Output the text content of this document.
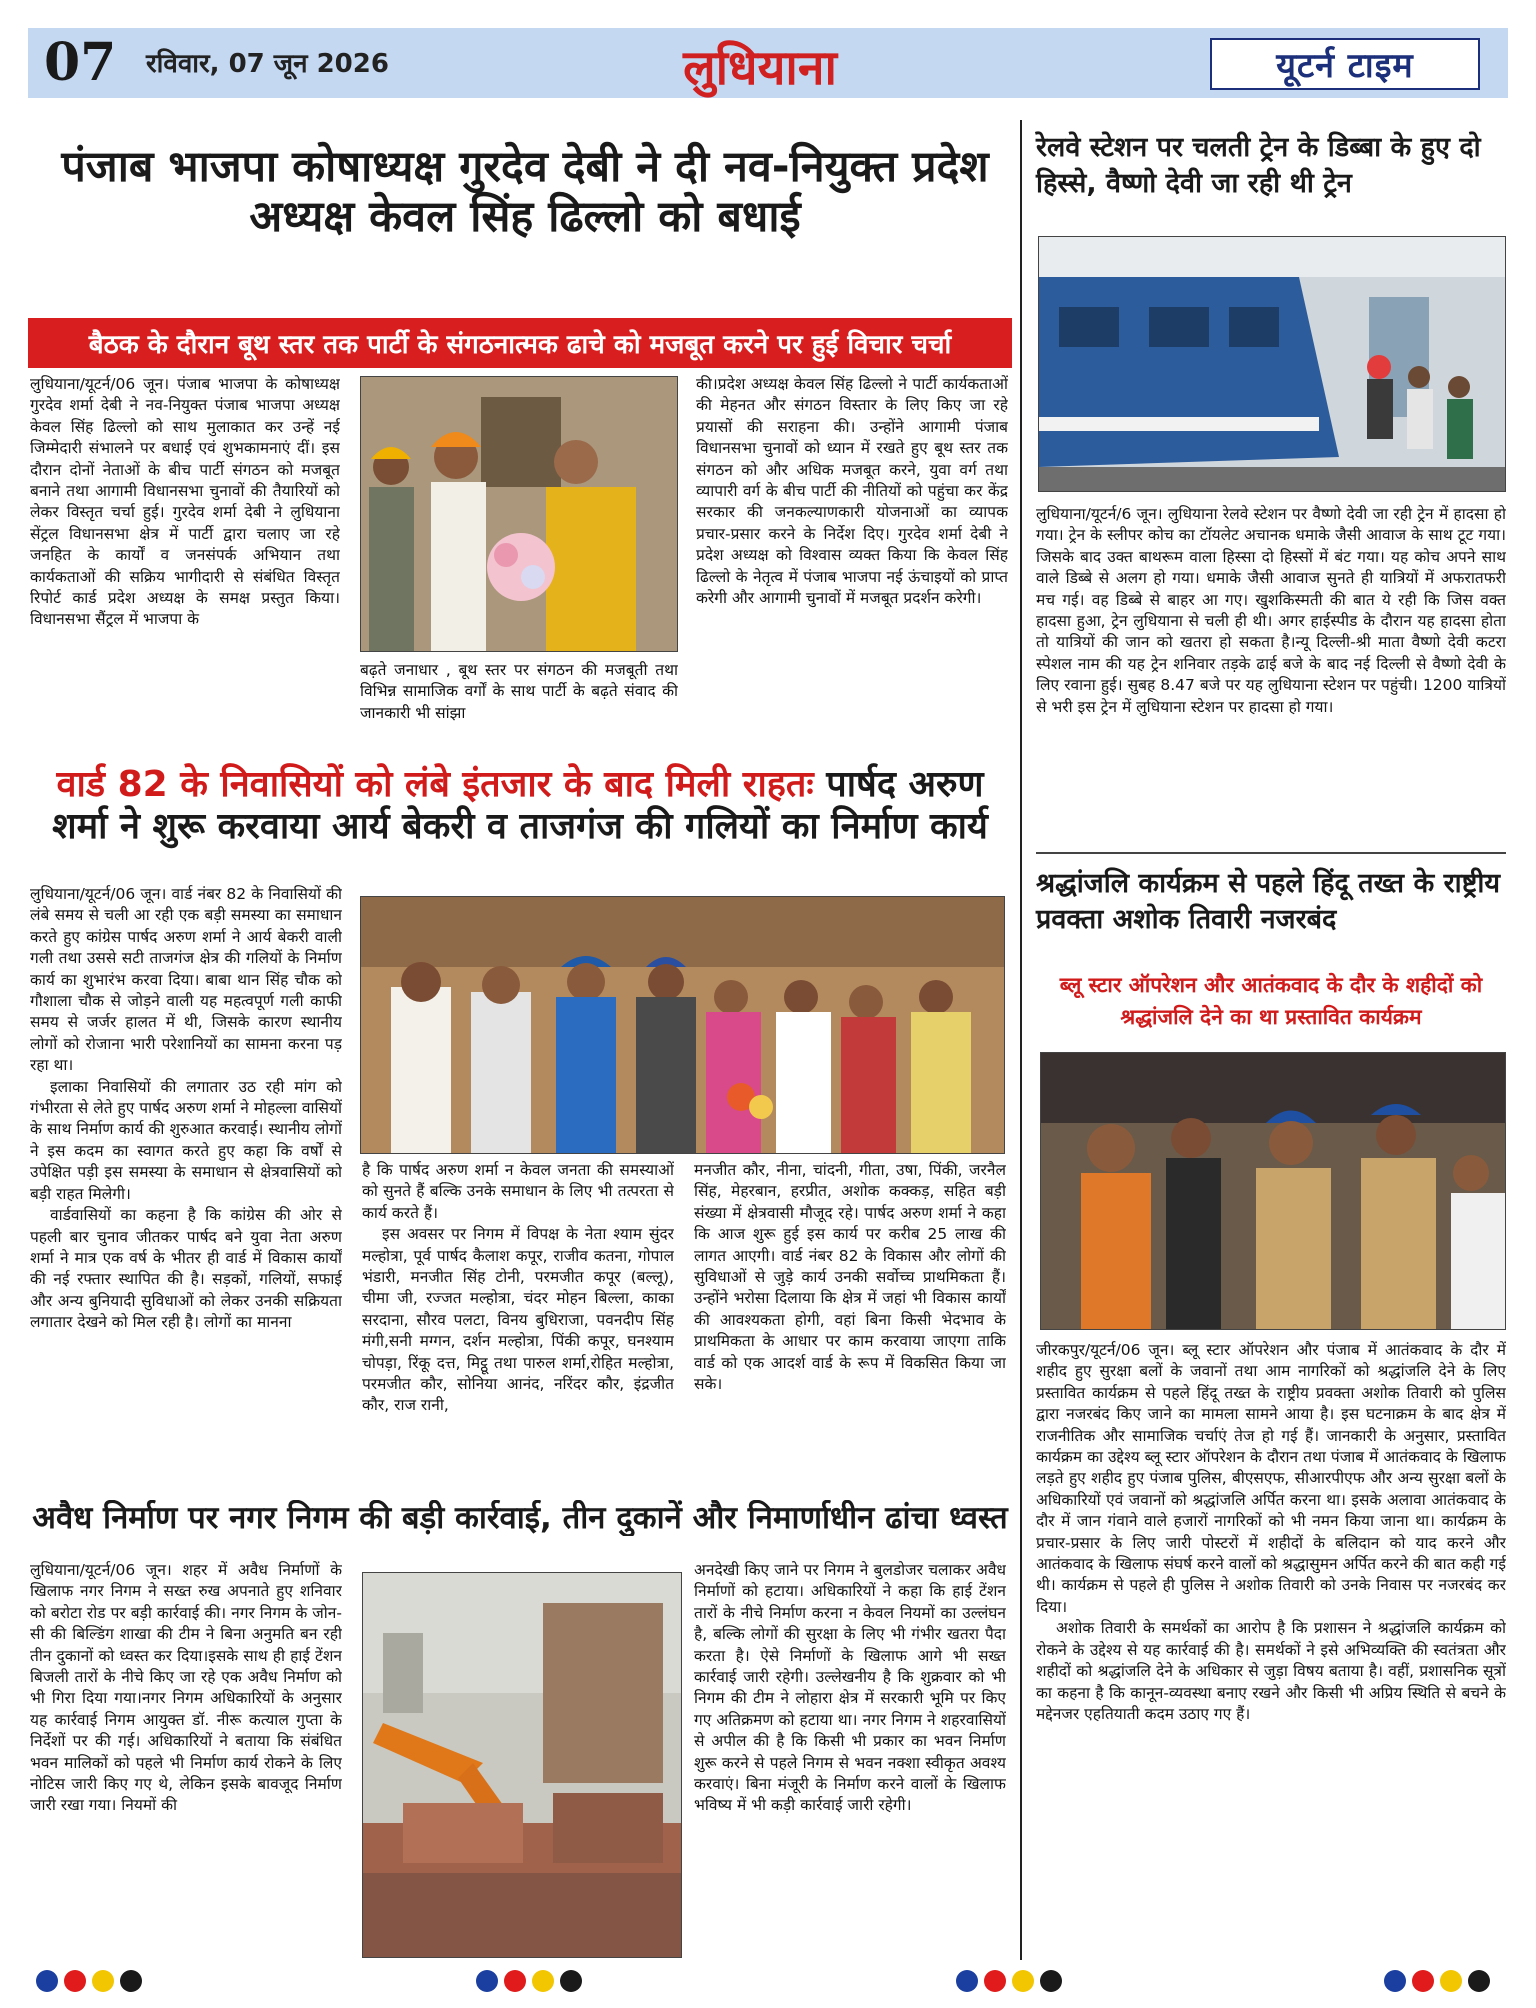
07 रविवार, 07 जून 2026	लुधियाना	यूटर्न टाइम
पंजाब भाजपा कोषाध्यक्ष गुरदेव देबी ने दी नव-नियुक्त प्रदेश अध्यक्ष केवल सिंह ढिल्लो को बधाई
बैठक के दौरान बूथ स्तर तक पार्टी के संगठनात्मक ढाचे को मजबूत करने पर हुई विचार चर्चा

लुधियाना/यूटर्न/06 जून। पंजाब भाजपा के कोषाध्यक्ष गुरदेव शर्मा देबी ने नव-नियुक्त पंजाब भाजपा अध्यक्ष केवल सिंह ढिल्लो को साथ मुलाकात कर उन्हें नई जिम्मेदारी संभालने पर बधाई एवं शुभकामनाएं दीं। इस दौरान दोनों नेताओं के बीच पार्टी संगठन को मजबूत बनाने तथा आगामी विधानसभा चुनावों की तैयारियों को लेकर विस्तृत चर्चा हुई। गुरदेव शर्मा देबी ने लुधियाना सेंट्रल विधानसभा क्षेत्र में पार्टी द्वारा चलाए जा रहे जनहित के कार्यों व जनसंपर्क अभियान तथा कार्यकताओं की सक्रिय भागीदारी से संबंधित विस्तृत रिपोर्ट कार्ड प्रदेश अध्यक्ष के समक्ष प्रस्तुत किया। विधानसभा सैंट्रल में भाजपा के

बढ़ते जनाधार , बूथ स्तर पर संगठन की मजबूती तथा विभिन्न सामाजिक वर्गों के साथ पार्टी के बढ़ते संवाद की जानकारी भी सांझा

की।प्रदेश अध्यक्ष केवल सिंह ढिल्लो ने पार्टी कार्यकताओं की मेहनत और संगठन विस्तार के लिए किए जा रहे प्रयासों की सराहना की। उन्होंने आगामी पंजाब विधानसभा चुनावों को ध्यान में रखते हुए बूथ स्तर तक संगठन को और अधिक मजबूत करने, युवा वर्ग तथा व्यापारी वर्ग के बीच पार्टी की नीतियों को पहुंचा कर केंद्र सरकार की जनकल्याणकारी योजनाओं का व्यापक प्रचार-प्रसार करने के निर्देश दिए। गुरदेव शर्मा देबी ने प्रदेश अध्यक्ष को विश्वास व्यक्त किया कि केवल सिंह ढिल्लो के नेतृत्व में पंजाब भाजपा नई ऊंचाइयों को प्राप्त करेगी और आगामी चुनावों में मजबूत प्रदर्शन करेगी।

वार्ड 82 के निवासियों को लंबे इंतजार के बाद मिली राहतः पार्षद अरुण शर्मा ने शुरू करवाया आर्य बेकरी व ताजगंज की गलियों का निर्माण कार्य

लुधियाना/यूटर्न/06 जून। वार्ड नंबर 82 के निवासियों की लंबे समय से चली आ रही एक बड़ी समस्या का समाधान करते हुए कांग्रेस पार्षद अरुण शर्मा ने आर्य बेकरी वाली गली तथा उससे सटी ताजगंज क्षेत्र की गलियों के निर्माण कार्य का शुभारंभ करवा दिया। बाबा थान सिंह चौक को गौशाला चौक से जोड़ने वाली यह महत्वपूर्ण गली काफी समय से जर्जर हालत में थी, जिसके कारण स्थानीय लोगों को रोजाना भारी परेशानियों का सामना करना पड़ रहा था।

इलाका निवासियों की लगातार उठ रही मांग को गंभीरता से लेते हुए पार्षद अरुण शर्मा ने मोहल्ला वासियों के साथ निर्माण कार्य की शुरुआत करवाई। स्थानीय लोगों ने इस कदम का स्वागत करते हुए कहा कि वर्षों से उपेक्षित पड़ी इस समस्या के समाधान से क्षेत्रवासियों को बड़ी राहत मिलेगी।

वार्डवासियों का कहना है कि कांग्रेस की ओर से पहली बार चुनाव जीतकर पार्षद बने युवा नेता अरुण शर्मा ने मात्र एक वर्ष के भीतर ही वार्ड में विकास कार्यों की नई रफ्तार स्थापित की है। सड़कों, गलियों, सफाई और अन्य बुनियादी सुविधाओं को लेकर उनकी सक्रियता लगातार देखने को मिल रही है। लोगों का मानना

है कि पार्षद अरुण शर्मा न केवल जनता की समस्याओं को सुनते हैं बल्कि उनके समाधान के लिए भी तत्परता से कार्य करते हैं।

इस अवसर पर निगम में विपक्ष के नेता श्याम सुंदर मल्होत्रा, पूर्व पार्षद कैलाश कपूर, राजीव कतना, गोपाल भंडारी, मनजीत सिंह टोनी, परमजीत कपूर (बल्लू), चीमा जी, रज्जत मल्होत्रा, चंदर मोहन बिल्ला, काका सरदाना, सौरव पलटा, विनय बुधिराजा, पवनदीप सिंह मंगी,सनी मग्गन, दर्शन मल्होत्रा, पिंकी कपूर, घनश्याम चोपड़ा, रिंकू दत्त, मिट्ठू तथा पारुल शर्मा,रोहित मल्होत्रा, परमजीत कौर, सोनिया आनंद, नरिंदर कौर, इंद्रजीत कौर, राज रानी,

मनजीत कौर, नीना, चांदनी, गीता, उषा, पिंकी, जरनैल सिंह, मेहरबान, हरप्रीत, अशोक कक्कड़, सहित बड़ी संख्या में क्षेत्रवासी मौजूद रहे। पार्षद अरुण शर्मा ने कहा कि आज शुरू हुई इस कार्य पर करीब 25 लाख की लागत आएगी। वार्ड नंबर 82 के विकास और लोगों की सुविधाओं से जुड़े कार्य उनकी सर्वोच्च प्राथमिकता हैं। उन्होंने भरोसा दिलाया कि क्षेत्र में जहां भी विकास कार्यों की आवश्यकता होगी, वहां बिना किसी भेदभाव के प्राथमिकता के आधार पर काम करवाया जाएगा ताकि वार्ड को एक आदर्श वार्ड के रूप में विकसित किया जा सके।

अवैध निर्माण पर नगर निगम की बड़ी कार्रवाई, तीन दुकानें और निमार्णाधीन ढांचा ध्वस्त

लुधियाना/यूटर्न/06 जून। शहर में अवैध निर्माणों के खिलाफ नगर निगम ने सख्त रुख अपनाते हुए शनिवार को बरोटा रोड पर बड़ी कार्रवाई की। नगर निगम के जोन-सी की बिल्डिंग शाखा की टीम ने बिना अनुमति बन रही तीन दुकानों को ध्वस्त कर दिया।इसके साथ ही हाई टेंशन बिजली तारों के नीचे किए जा रहे एक अवैध निर्माण को भी गिरा दिया गया।नगर निगम अधिकारियों के अनुसार यह कार्रवाई निगम आयुक्त डॉ. नीरू कत्याल गुप्ता के निर्देशों पर की गई। अधिकारियों ने बताया कि संबंधित भवन मालिकों को पहले भी निर्माण कार्य रोकने के लिए नोटिस जारी किए गए थे, लेकिन इसके बावजूद निर्माण जारी रखा गया। नियमों की

अनदेखी किए जाने पर निगम ने बुलडोजर चलाकर अवैध निर्माणों को हटाया। अधिकारियों ने कहा कि हाई टेंशन तारों के नीचे निर्माण करना न केवल नियमों का उल्लंघन है, बल्कि लोगों की सुरक्षा के लिए भी गंभीर खतरा पैदा करता है। ऐसे निर्माणों के खिलाफ आगे भी सख्त कार्रवाई जारी रहेगी। उल्लेखनीय है कि शुक्रवार को भी निगम की टीम ने लोहारा क्षेत्र में सरकारी भूमि पर किए गए अतिक्रमण को हटाया था। नगर निगम ने शहरवासियों से अपील की है कि किसी भी प्रकार का भवन निर्माण शुरू करने से पहले निगम से भवन नक्शा स्वीकृत अवश्य करवाएं। बिना मंजूरी के निर्माण करने वालों के खिलाफ भविष्य में भी कड़ी कार्रवाई जारी रहेगी।

रेलवे स्टेशन पर चलती ट्रेन के डिब्बा के हुए दो हिस्से, वैष्णो देवी जा रही थी ट्रेन

लुधियाना/यूटर्न/6 जून। लुधियाना रेलवे स्टेशन पर वैष्णो देवी जा रही ट्रेन में हादसा हो गया। ट्रेन के स्लीपर कोच का टॉयलेट अचानक धमाके जैसी आवाज के साथ टूट गया। जिसके बाद उक्त बाथरूम वाला हिस्सा दो हिस्सों में बंट गया। यह कोच अपने साथ वाले डिब्बे से अलग हो गया। धमाके जैसी आवाज सुनते ही यात्रियों में अफरातफरी मच गई। वह डिब्बे से बाहर आ गए। खुशकिस्मती की बात ये रही कि जिस वक्त हादसा हुआ, ट्रेन लुधियाना से चली ही थी। अगर हाईस्पीड के दौरान यह हादसा होता तो यात्रियों की जान को खतरा हो सकता है।न्यू दिल्ली-श्री माता वैष्णो देवी कटरा स्पेशल नाम की यह ट्रेन शनिवार तड़के ढाई बजे के बाद नई दिल्ली से वैष्णो देवी के लिए रवाना हुई। सुबह 8.47 बजे पर यह लुधियाना स्टेशन पर पहुंची। 1200 यात्रियों से भरी इस ट्रेन में लुधियाना स्टेशन पर हादसा हो गया।

श्रद्धांजलि कार्यक्रम से पहले हिंदू तख्त के राष्ट्रीय प्रवक्ता अशोक तिवारी नजरबंद
ब्लू स्टार ऑपरेशन और आतंकवाद के दौर के शहीदों को श्रद्धांजलि देने का था प्रस्तावित कार्यक्रम

जीरकपुर/यूटर्न/06 जून। ब्लू स्टार ऑपरेशन और पंजाब में आतंकवाद के दौर में शहीद हुए सुरक्षा बलों के जवानों तथा आम नागरिकों को श्रद्धांजलि देने के लिए प्रस्तावित कार्यक्रम से पहले हिंदू तख्त के राष्ट्रीय प्रवक्ता अशोक तिवारी को पुलिस द्वारा नजरबंद किए जाने का मामला सामने आया है। इस घटनाक्रम के बाद क्षेत्र में राजनीतिक और सामाजिक चर्चाएं तेज हो गई हैं। जानकारी के अनुसार, प्रस्तावित कार्यक्रम का उद्देश्य ब्लू स्टार ऑपरेशन के दौरान तथा पंजाब में आतंकवाद के खिलाफ लड़ते हुए शहीद हुए पंजाब पुलिस, बीएसएफ, सीआरपीएफ और अन्य सुरक्षा बलों के अधिकारियों एवं जवानों को श्रद्धांजलि अर्पित करना था। इसके अलावा आतंकवाद के दौर में जान गंवाने वाले हजारों नागरिकों को भी नमन किया जाना था। कार्यक्रम के प्रचार-प्रसार के लिए जारी पोस्टरों में शहीदों के बलिदान को याद करने और आतंकवाद के खिलाफ संघर्ष करने वालों को श्रद्धासुमन अर्पित करने की बात कही गई थी। कार्यक्रम से पहले ही पुलिस ने अशोक तिवारी को उनके निवास पर नजरबंद कर दिया।

अशोक तिवारी के समर्थकों का आरोप है कि प्रशासन ने श्रद्धांजलि कार्यक्रम को रोकने के उद्देश्य से यह कार्रवाई की है। समर्थकों ने इसे अभिव्यक्ति की स्वतंत्रता और शहीदों को श्रद्धांजलि देने के अधिकार से जुड़ा विषय बताया है। वहीं, प्रशासनिक सूत्रों का कहना है कि कानून-व्यवस्था बनाए रखने और किसी भी अप्रिय स्थिति से बचने के मद्देनजर एहतियाती कदम उठाए गए हैं।
